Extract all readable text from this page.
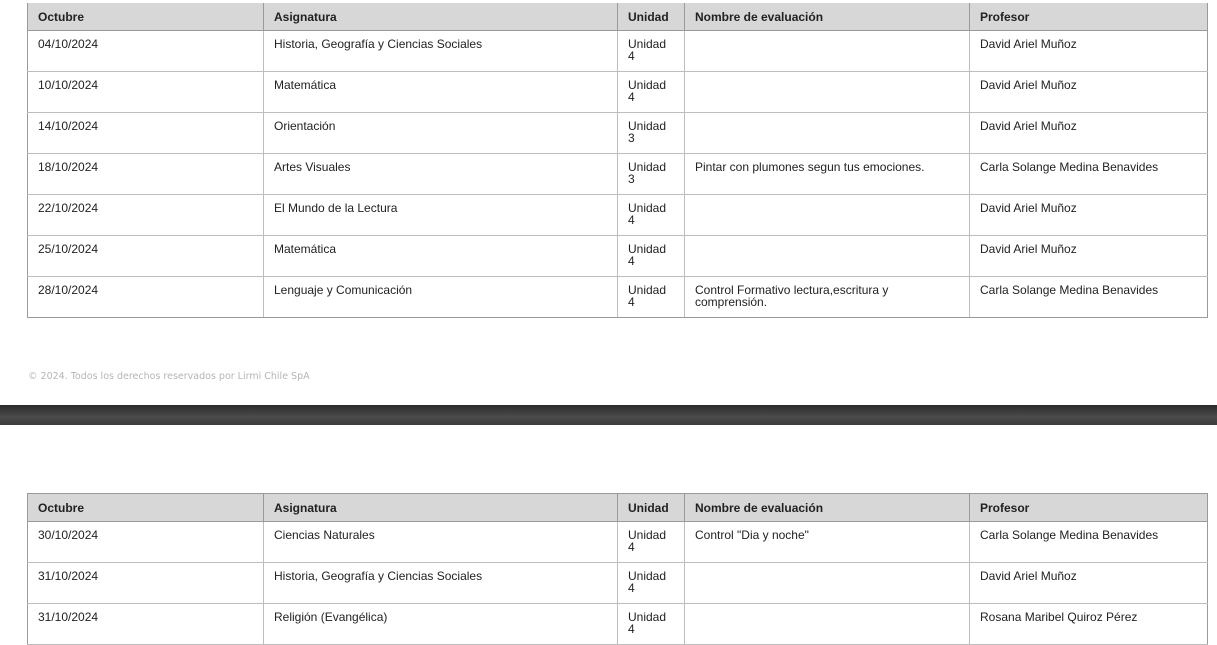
Octubre	Asignatura	Unidad	Nombre de evaluación	Profesor
04/10/2024	Historia, Geografía y Ciencias Sociales	Unidad
4		David Ariel Muñoz
10/10/2024	Matemática	Unidad
4		David Ariel Muñoz
14/10/2024	Orientación	Unidad
3		David Ariel Muñoz
18/10/2024	Artes Visuales	Unidad
3	Pintar con plumones segun tus emociones.	Carla Solange Medina Benavides
22/10/2024	El Mundo de la Lectura	Unidad
4		David Ariel Muñoz
25/10/2024	Matemática	Unidad
4		David Ariel Muñoz
28/10/2024	Lenguaje y Comunicación	Unidad
4	Control Formativo lectura,escritura y comprensión.	Carla Solange Medina Benavides
© 2024. Todos los derechos reservados por Lirmi Chile SpA
Octubre	Asignatura	Unidad	Nombre de evaluación	Profesor
30/10/2024	Ciencias Naturales	Unidad
4	Control "Dia y noche"	Carla Solange Medina Benavides
31/10/2024	Historia, Geografía y Ciencias Sociales	Unidad
4		David Ariel Muñoz
31/10/2024	Religión (Evangélica)	Unidad
4		Rosana Maribel Quiroz Pérez
